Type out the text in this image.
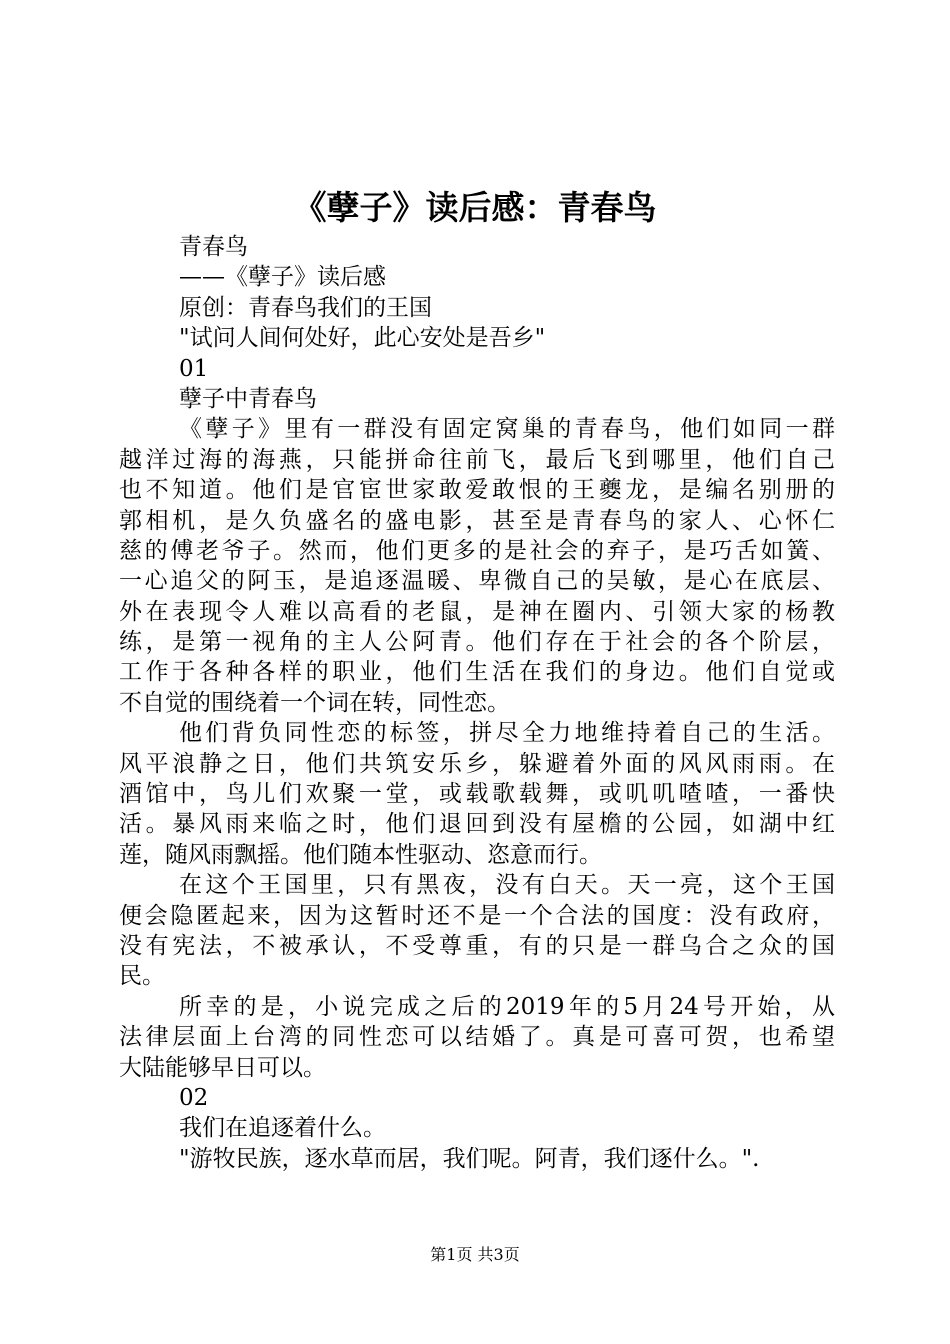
《孽子》读后感：青春鸟
青春鸟
——《孽子》读后感
原创：青春鸟我们的王国
"试问人间何处好，此心安处是吾乡"
01
孽子中青春鸟
《孽子》里有一群没有固定窝巢的青春鸟，他们如同一群
越洋过海的海燕，只能拼命往前飞，最后飞到哪里，他们自己
也不知道。他们是官宦世家敢爱敢恨的王夔龙，是编名别册的
郭相机，是久负盛名的盛电影，甚至是青春鸟的家人、心怀仁
慈的傅老爷子。然而，他们更多的是社会的弃子，是巧舌如簧、
一心追父的阿玉，是追逐温暖、卑微自己的吴敏，是心在底层、
外在表现令人难以高看的老鼠，是神在圈内、引领大家的杨教
练，是第一视角的主人公阿青。他们存在于社会的各个阶层，
工作于各种各样的职业，他们生活在我们的身边。他们自觉或
不自觉的围绕着一个词在转，同性恋。
他们背负同性恋的标签，拼尽全力地维持着自己的生活。
风平浪静之日，他们共筑安乐乡，躲避着外面的风风雨雨。在
酒馆中，鸟儿们欢聚一堂，或载歌载舞，或叽叽喳喳，一番快
活。暴风雨来临之时，他们退回到没有屋檐的公园，如湖中红
莲，随风雨飘摇。他们随本性驱动、恣意而行。
在这个王国里，只有黑夜，没有白天。天一亮，这个王国
便会隐匿起来，因为这暂时还不是一个合法的国度：没有政府，
没有宪法，不被承认，不受尊重，有的只是一群乌合之众的国
民。
所幸的是，小说完成之后的2019年的5月24号开始，从
法律层面上台湾的同性恋可以结婚了。真是可喜可贺，也希望
大陆能够早日可以。
02
我们在追逐着什么。
"游牧民族，逐水草而居，我们呢。阿青，我们逐什么。".
第1页 共3页
